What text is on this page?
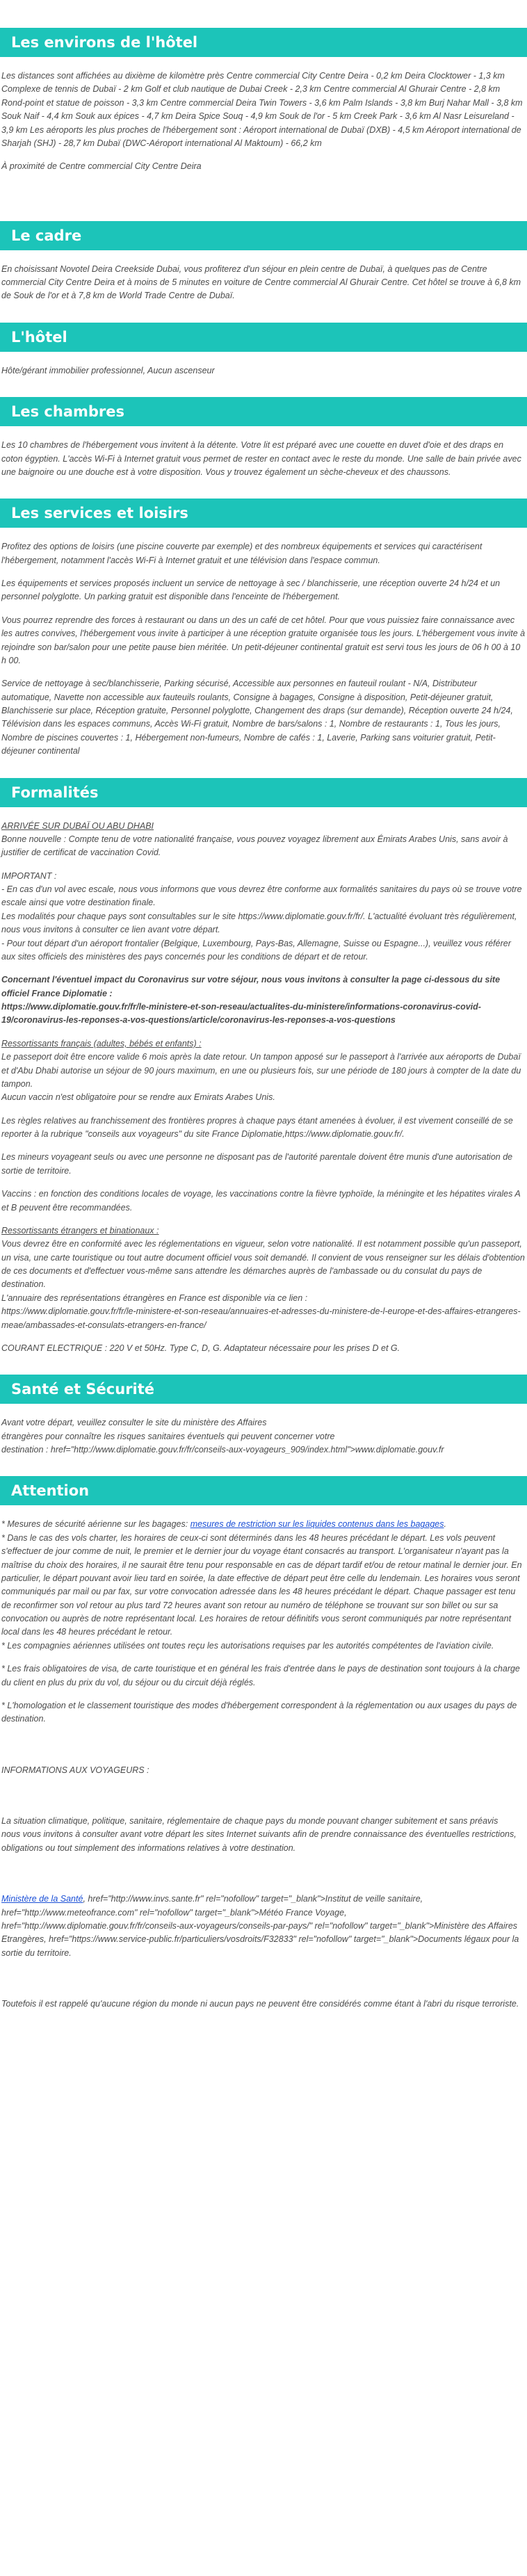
Les environs de l'hôtel

Les distances sont affichées au dixième de kilomètre près Centre commercial City Centre Deira - 0,2 km Deira Clocktower - 1,3 km Complexe de tennis de Dubaï - 2 km Golf et club nautique de Dubai Creek - 2,3 km Centre commercial Al Ghurair Centre - 2,8 km Rond-point et statue de poisson - 3,3 km Centre commercial Deira Twin Towers - 3,6 km Palm Islands - 3,8 km Burj Nahar Mall - 3,8 km Souk Naif - 4,4 km Souk aux épices - 4,7 km Deira Spice Souq - 4,9 km Souk de l'or - 5 km Creek Park - 3,6 km Al Nasr Leisureland - 3,9 km Les aéroports les plus proches de l'hébergement sont : Aéroport international de Dubaï (DXB) - 4,5 km Aéroport international de Sharjah (SHJ) - 28,7 km Dubaï (DWC-Aéroport international Al Maktoum) - 66,2 km

À proximité de Centre commercial City Centre Deira

Le cadre

En choisissant Novotel Deira Creekside Dubai, vous profiterez d'un séjour en plein centre de Dubaï, à quelques pas de Centre commercial City Centre Deira et à moins de 5 minutes en voiture de Centre commercial Al Ghurair Centre. Cet hôtel se trouve à 6,8 km de Souk de l'or et à 7,8 km de World Trade Centre de Dubaï.

L'hôtel

Hôte/gérant immobilier professionnel, Aucun ascenseur

Les chambres

Les 10 chambres de l'hébergement vous invitent à la détente. Votre lit est préparé avec une couette en duvet d'oie et des draps en coton égyptien. L'accès Wi-Fi à Internet gratuit vous permet de rester en contact avec le reste du monde. Une salle de bain privée avec une baignoire ou une douche est à votre disposition. Vous y trouvez également un sèche-cheveux et des chaussons.

Les services et loisirs

Profitez des options de loisirs (une piscine couverte par exemple) et des nombreux équipements et services qui caractérisent l'hébergement, notamment l'accès Wi-Fi à Internet gratuit et une télévision dans l'espace commun.

Les équipements et services proposés incluent un service de nettoyage à sec / blanchisserie, une réception ouverte 24 h/24 et un personnel polyglotte. Un parking gratuit est disponible dans l'enceinte de l'hébergement.

Vous pourrez reprendre des forces à restaurant ou dans un des un café de cet hôtel. Pour que vous puissiez faire connaissance avec les autres convives, l'hébergement vous invite à participer à une réception gratuite organisée tous les jours. L'hébergement vous invite à rejoindre son bar/salon pour une petite pause bien méritée. Un petit-déjeuner continental gratuit est servi tous les jours de 06 h 00 à 10 h 00.

Service de nettoyage à sec/blanchisserie, Parking sécurisé, Accessible aux personnes en fauteuil roulant - N/A, Distributeur automatique, Navette non accessible aux fauteuils roulants, Consigne à bagages, Consigne à disposition, Petit-déjeuner gratuit, Blanchisserie sur place, Réception gratuite, Personnel polyglotte, Changement des draps (sur demande), Réception ouverte 24 h/24, Télévision dans les espaces communs, Accès Wi-Fi gratuit, Nombre de bars/salons : 1, Nombre de restaurants : 1, Tous les jours, Nombre de piscines couvertes : 1, Hébergement non-fumeurs, Nombre de cafés : 1, Laverie, Parking sans voiturier gratuit, Petit-déjeuner continental

Formalités
ARRIVÉE SUR DUBAÏ OU ABU DHABI

Bonne nouvelle : Compte tenu de votre nationalité française, vous pouvez voyagez librement aux Émirats Arabes Unis, sans avoir à justifier de certificat de vaccination Covid.

IMPORTANT :

- En cas d'un vol avec escale, nous vous informons que vous devrez être conforme aux formalités sanitaires du pays où se trouve votre escale ainsi que votre destination finale.

Les modalités pour chaque pays sont consultables sur le site https://www.diplomatie.gouv.fr/fr/. L'actualité évoluant très régulièrement, nous vous invitons à consulter ce lien avant votre départ.

- Pour tout départ d'un aéroport frontalier (Belgique, Luxembourg, Pays-Bas, Allemagne, Suisse ou Espagne...), veuillez vous référer aux sites officiels des ministères des pays concernés pour les conditions de départ et de retour.

Concernant l'éventuel impact du Coronavirus sur votre séjour, nous vous invitons à consulter la page ci-dessous du site officiel France Diplomatie :

https://www.diplomatie.gouv.fr/fr/le-ministere-et-son-reseau/actualites-du-ministere/informations-coronavirus-covid-19/coronavirus-les-reponses-a-vos-questions/article/coronavirus-les-reponses-a-vos-questions

Ressortissants français (adultes, bébés et enfants) :

Le passeport doit être encore valide 6 mois après la date retour. Un tampon apposé sur le passeport à l'arrivée aux aéroports de Dubaï et d'Abu Dhabi autorise un séjour de 90 jours maximum, en une ou plusieurs fois, sur une période de 180 jours à compter de la date du tampon.

Aucun vaccin n'est obligatoire pour se rendre aux Emirats Arabes Unis.

Les règles relatives au franchissement des frontières propres à chaque pays étant amenées à évoluer, il est vivement conseillé de se reporter à la rubrique "conseils aux voyageurs" du site France Diplomatie,https://www.diplomatie.gouv.fr/.

Les mineurs voyageant seuls ou avec une personne ne disposant pas de l'autorité parentale doivent être munis d'une autorisation de sortie de territoire.

Vaccins : en fonction des conditions locales de voyage, les vaccinations contre la fièvre typhoïde, la méningite et les hépatites virales A et B peuvent être recommandées.

Ressortissants étrangers et binationaux :

Vous devrez être en conformité avec les réglementations en vigueur, selon votre nationalité. Il est notamment possible qu'un passeport, un visa, une carte touristique ou tout autre document officiel vous soit demandé. Il convient de vous renseigner sur les délais d'obtention de ces documents et d'effectuer vous-même sans attendre les démarches auprès de l'ambassade ou du consulat du pays de destination.

L'annuaire des représentations étrangères en France est disponible via ce lien :

https://www.diplomatie.gouv.fr/fr/le-ministere-et-son-reseau/annuaires-et-adresses-du-ministere-de-l-europe-et-des-affaires-etrangeres-meae/ambassades-et-consulats-etrangers-en-france/

COURANT ELECTRIQUE : 220 V et 50Hz. Type C, D, G. Adaptateur nécessaire pour les prises D et G.

Santé et Sécurité

Avant votre départ, veuillez consulter le site du ministère des Affaires

étrangères pour connaître les risques sanitaires éventuels qui peuvent concerner votre

destination : href="http://www.diplomatie.gouv.fr/fr/conseils-aux-voyageurs_909/index.html">www.diplomatie.gouv.fr

Attention

* Mesures de sécurité aérienne sur les bagages: mesures de restriction sur les liquides contenus dans les bagages.

* Dans le cas des vols charter, les horaires de ceux-ci sont déterminés dans les 48 heures précédant le départ. Les vols peuvent s'effectuer de jour comme de nuit, le premier et le dernier jour du voyage étant consacrés au transport. L'organisateur n'ayant pas la maîtrise du choix des horaires, il ne saurait être tenu pour responsable en cas de départ tardif et/ou de retour matinal le dernier jour. En particulier, le départ pouvant avoir lieu tard en soirée, la date effective de départ peut être celle du lendemain. Les horaires vous seront communiqués par mail ou par fax, sur votre convocation adressée dans les 48 heures précédant le départ. Chaque passager est tenu de reconfirmer son vol retour au plus tard 72 heures avant son retour au numéro de téléphone se trouvant sur son billet ou sur sa convocation ou auprès de notre représentant local. Les horaires de retour définitifs vous seront communiqués par notre représentant local dans les 48 heures précédant le retour.

* Les compagnies aériennes utilisées ont toutes reçu les autorisations requises par les autorités compétentes de l'aviation civile.

* Les frais obligatoires de visa, de carte touristique et en général les frais d'entrée dans le pays de destination sont toujours à la charge du client en plus du prix du vol, du séjour ou du circuit déjà réglés.

* L'homologation et le classement touristique des modes d'hébergement correspondent à la réglementation ou aux usages du pays de destination.

INFORMATIONS AUX VOYAGEURS :

La situation climatique, politique, sanitaire, réglementaire de chaque pays du monde pouvant changer subitement et sans préavis

nous vous invitons à consulter avant votre départ les sites Internet suivants afin de prendre connaissance des éventuelles restrictions, obligations ou tout simplement des informations relatives à votre destination.

Ministère de la Santé, href="http://www.invs.sante.fr" rel="nofollow" target="_blank">Institut de veille sanitaire, href="http://www.meteofrance.com" rel="nofollow" target="_blank">Météo France Voyage, href="http://www.diplomatie.gouv.fr/fr/conseils-aux-voyageurs/conseils-par-pays/" rel="nofollow" target="_blank">Ministère des Affaires Etrangères, href="https://www.service-public.fr/particuliers/vosdroits/F32833" rel="nofollow" target="_blank">Documents légaux pour la sortie du territoire.

Toutefois il est rappelé qu'aucune région du monde ni aucun pays ne peuvent être considérés comme étant à l'abri du risque terroriste.
